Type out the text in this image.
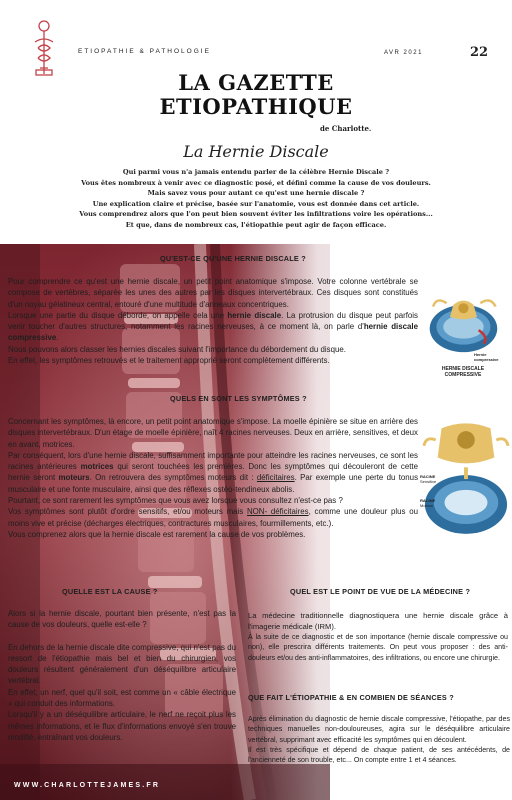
ETIOPATHIE & PATHOLOGIE	AVR 2021	22
LA GAZETTE
ETIOPATHIQUE
de Charlotte.
La Hernie Discale
Qui parmi vous n'a jamais entendu parler de la célèbre Hernie Discale ?
Vous êtes nombreux à venir avec ce diagnostic posé, et défini comme la cause de vos douleurs.
Mais savez vous pour autant ce qu'est une hernie discale ?
Une explication claire et précise, basée sur l'anatomie, vous est donnée dans cet article.
Vous comprendrez alors que l'on peut bien souvent éviter les infiltrations voire les opérations...
Et que, dans de nombreux cas, l'étiopathie peut agir de façon efficace.
QU'EST-CE QU'UNE HERNIE DISCALE ?

Pour comprendre ce qu'est une hernie discale, un petit point anatomique s'impose. Votre colonne vertébrale se compose de vertèbres, séparée les unes des autres par les disques intervertébraux. Ces disques sont constitués d'un noyau gélatineux central, entouré d'une multitude d'anneaux concentriques.

Lorsque une partie du disque déborde, on appelle cela une hernie discale. La protrusion du disque peut parfois venir toucher d'autres structures, notamment les racines nerveuses, à ce moment là, on parle d'hernie discale compressive.

Nous pouvons alors classer les hernies discales suivant l'importance du débordement du disque.

En effet, les symptômes retrouvés et le traitement approprié seront complètement différents.

Hernie compressive
HERNIE DISCALE COMPRESSIVE
QUELS EN SONT LES SYMPTÔMES ?

Concernant les symptômes, là encore, un petit point anatomique s'impose. La moelle épinière se situe en arrière des disques intervertébraux. D'un étage de moelle épinière, naît 4 racines nerveuses. Deux en arrière, sensitives, et deux en avant, motrices.

Par conséquent, lors d'une hernie discale, suffisamment importante pour atteindre les racines nerveuses, ce sont les racines antérieures motrices qui seront touchées les premières. Donc les symptômes qui découleront de cette hernie seront moteurs. On retrouvera des symptômes moteurs dit : déficitaires. Par exemple une perte du tonus musculaire et une fonte musculaire, ainsi que des réflexes ostéo-tendineux abolis.

Pourtant, ce sont rarement les symptômes que vous avez lorsque vous consultez n'est-ce pas ?

Vos symptômes sont plutôt d'ordre sensitifs, et/ou moteurs mais NON- déficitaires, comme une douleur plus ou moins vive et précise (décharges électriques, contractures musculaires, fourmillements, etc.).

Vous comprenez alors que la hernie discale est rarement la cause de vos problèmes.

RACINE
Sensitive
RACINE
Motrice
QUELLE EST LA CAUSE ?

Alors si la hernie discale, pourtant bien présente, n'est pas la cause de vos douleurs, quelle est-elle ?

En dehors de la hernie discale dite compressive, qui n'est pas du ressort de l'étiopathie mais bel et bien du chirurgien, vos douleurs résultent généralement d'un déséquilibre articulaire vertébral.

En effet, un nerf, quel qu'il soit, est comme un « câble électrique » qui conduit des informations.

Lorsqu'il y a un déséquilibre articulaire, le nerf ne reçoit plus les mêmes informations, et le flux d'informations envoyé s'en trouve modifié, entraînant vos douleurs.

QUEL EST LE POINT DE VUE DE LA MÉDECINE ?

La médecine traditionnelle diagnostiquera une hernie discale grâce à l'imagerie médicale (IRM).

À la suite de ce diagnostic et de son importance (hernie discale compressive ou non), elle prescrira différents traitements. On peut vous proposer : des anti-douleurs et/ou des anti-inflammatoires, des infiltrations, ou encore une chirurgie.

QUE FAIT L'ÉTIOPATHIE & EN COMBIEN DE SÉANCES ?

Après élimination du diagnostic de hernie discale compressive, l'étiopathe, par des techniques manuelles non-douloureuses, agira sur le déséquilibre articulaire vertébral, supprimant avec efficacité les symptômes qui en découlent.

Il est très spécifique et dépend de chaque patient, de ses antécédents, de l'ancienneté de son trouble, etc... On compte entre 1 et 4 séances.

WWW.CHARLOTTEJAMES.FR
